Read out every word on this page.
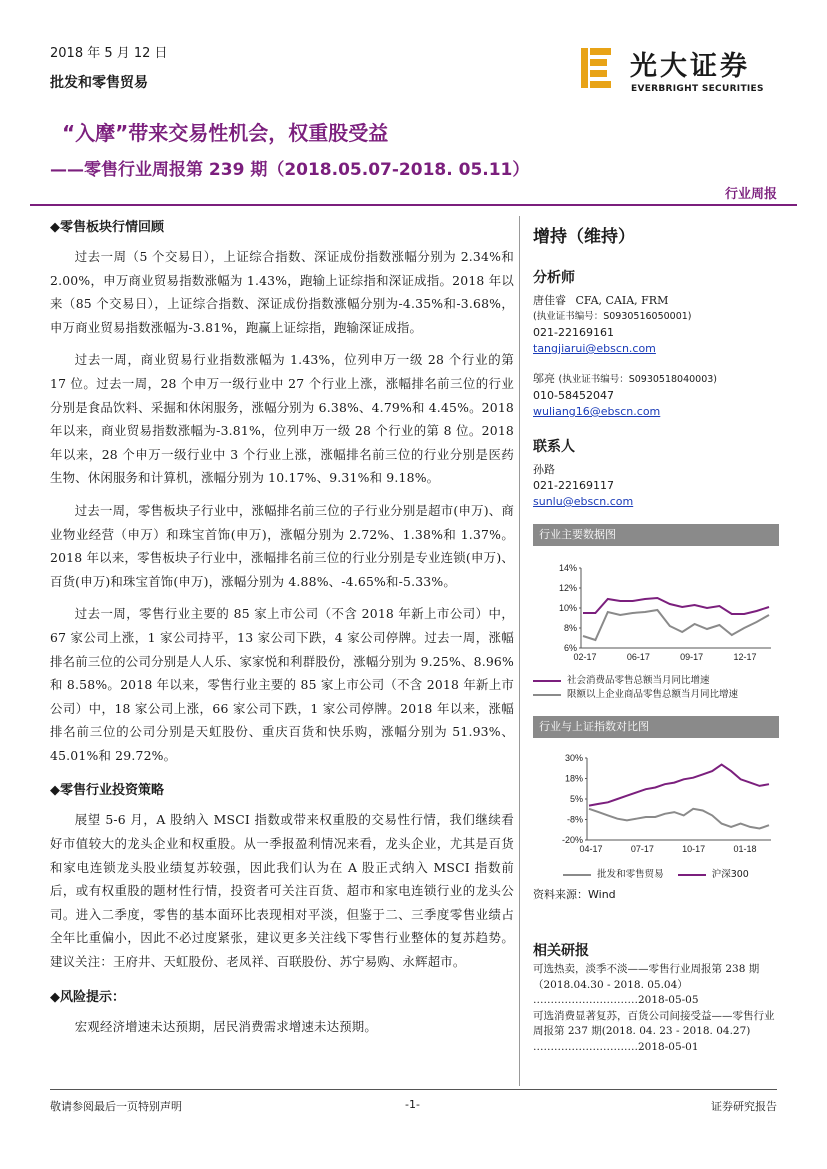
2018 年 5 月 12 日
批发和零售贸易
光大证券
EVERBRIGHT SECURITIES
“入摩”带来交易性机会，权重股受益
——零售行业周报第 239 期（2018.05.07-2018. 05.11）
行业周报
◆零售板块行情回顾

过去一周（5 个交易日），上证综合指数、深证成份指数涨幅分别为 2.34%和 2.00%，申万商业贸易指数涨幅为 1.43%，跑输上证综指和深证成指。2018 年以来（85 个交易日），上证综合指数、深证成份指数涨幅分别为-4.35%和-3.68%，申万商业贸易指数涨幅为-3.81%，跑赢上证综指，跑输深证成指。

过去一周，商业贸易行业指数涨幅为 1.43%，位列申万一级 28 个行业的第 17 位。过去一周，28 个申万一级行业中 27 个行业上涨，涨幅排名前三位的行业分别是食品饮料、采掘和休闲服务，涨幅分别为 6.38%、4.79%和 4.45%。2018 年以来，商业贸易指数涨幅为-3.81%，位列申万一级 28 个行业的第 8 位。2018 年以来，28 个申万一级行业中 3 个行业上涨，涨幅排名前三位的行业分别是医药生物、休闲服务和计算机，涨幅分别为 10.17%、9.31%和 9.18%。

过去一周，零售板块子行业中，涨幅排名前三位的子行业分别是超市(申万)、商业物业经营（申万）和珠宝首饰(申万)，涨幅分别为 2.72%、1.38%和 1.37%。2018 年以来，零售板块子行业中，涨幅排名前三位的行业分别是专业连锁(申万)、百货(申万)和珠宝首饰(申万)，涨幅分别为 4.88%、-4.65%和-5.33%。

过去一周，零售行业主要的 85 家上市公司（不含 2018 年新上市公司）中，67 家公司上涨，1 家公司持平，13 家公司下跌，4 家公司停牌。过去一周，涨幅排名前三位的公司分别是人人乐、家家悦和利群股份，涨幅分别为 9.25%、8.96%和 8.58%。2018 年以来，零售行业主要的 85 家上市公司（不含 2018 年新上市公司）中，18 家公司上涨，66 家公司下跌，1 家公司停牌。2018 年以来，涨幅排名前三位的公司分别是天虹股份、重庆百货和快乐购，涨幅分别为 51.93%、45.01%和 29.72%。

◆零售行业投资策略

展望 5-6 月，A 股纳入 MSCI 指数或带来权重股的交易性行情，我们继续看好市值较大的龙头企业和权重股。从一季报盈利情况来看，龙头企业，尤其是百货和家电连锁龙头股业绩复苏较强，因此我们认为在 A 股正式纳入 MSCI 指数前后，或有权重股的题材性行情，投资者可关注百货、超市和家电连锁行业的龙头公司。进入二季度，零售的基本面环比表现相对平淡，但鉴于二、三季度零售业绩占全年比重偏小，因此不必过度紧张，建议更多关注线下零售行业整体的复苏趋势。建议关注：王府井、天虹股份、老凤祥、百联股份、苏宁易购、永辉超市。

◆风险提示：

宏观经济增速未达预期，居民消费需求增速未达预期。

增持（维持）
分析师
唐佳睿 CFA, CAIA, FRM
(执业证书编号：S0930516050001)
021-22169161
tangjiarui@ebscn.com
邬亮 (执业证书编号：S0930518040003)
010-58452047
wuliang16@ebscn.com
联系人
孙路
021-22169117
sunlu@ebscn.com
行业主要数据图
14%
12%
10%
8%
6%
02-17	06-17	09-17	12-17
社会消费品零售总额当月同比增速
限额以上企业商品零售总额当月同比增速
行业与上证指数对比图
30%
18%
5%
-8%
-20%
04-17	07-17	10-17	01-18
批发和零售贸易	沪深300
资料来源：Wind
相关研报
可选热卖，淡季不淡——零售行业周报第 238 期（2018.04.30 - 2018. 05.04）
…………………………2018-05-05
可选消费显著复苏，百货公司间接受益——零售行业周报第 237 期(2018. 04. 23 - 2018. 04.27)
…………………………2018-05-01
敬请参阅最后一页特别声明	-1-	证券研究报告
